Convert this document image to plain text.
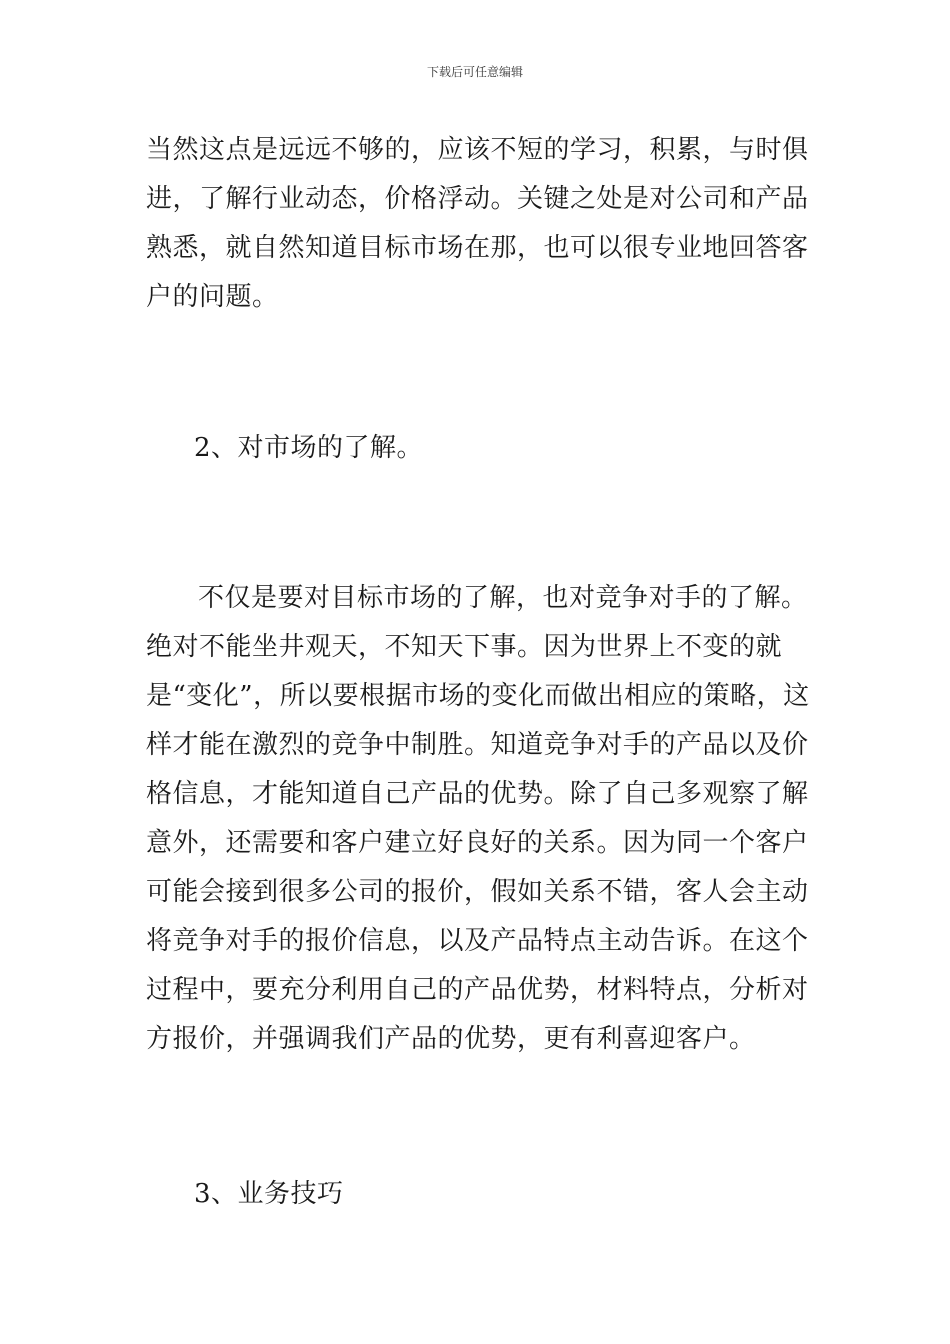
下载后可任意编辑

当然这点是远远不够的，应该不短的学习，积累，与时俱进，了解行业动态，价格浮动。关键之处是对公司和产品熟悉，就自然知道目标市场在那，也可以很专业地回答客户的问题。

2、对市场的了解。

不仅是要对目标市场的了解，也对竞争对手的了解。绝对不能坐井观天，不知天下事。因为世界上不变的就是“变化”，所以要根据市场的变化而做出相应的策略，这样才能在激烈的竞争中制胜。知道竞争对手的产品以及价格信息，才能知道自己产品的优势。除了自己多观察了解意外，还需要和客户建立好良好的关系。因为同一个客户可能会接到很多公司的报价，假如关系不错，客人会主动将竞争对手的报价信息，以及产品特点主动告诉。在这个过程中，要充分利用自己的产品优势，材料特点，分析对方报价，并强调我们产品的优势，更有利喜迎客户。

3、业务技巧
